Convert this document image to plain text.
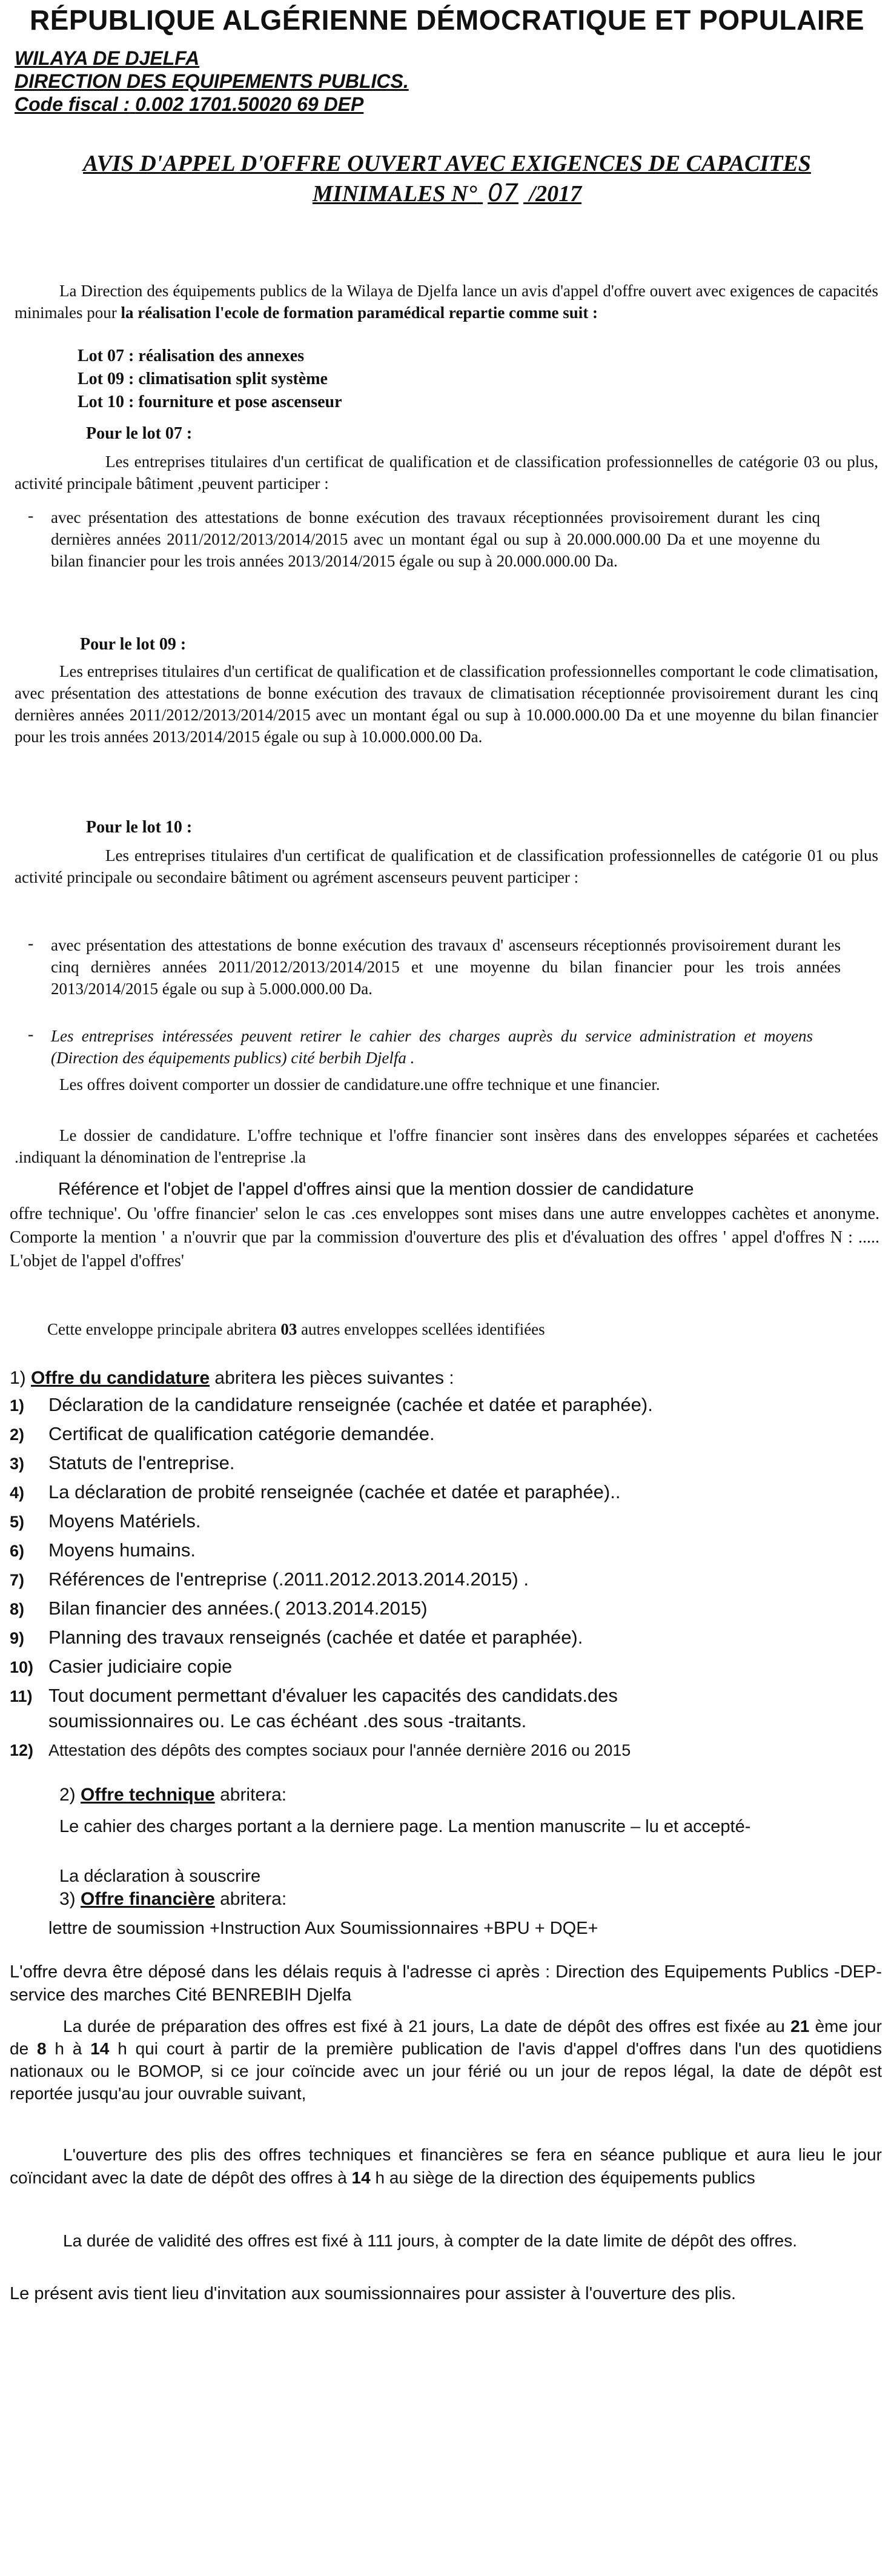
RÉPUBLIQUE ALGÉRIENNE DÉMOCRATIQUE ET POPULAIRE
WILAYA DE DJELFA
DIRECTION DES EQUIPEMENTS PUBLICS.
Code fiscal : 0.002 1701.50020 69 DEP
AVIS D'APPEL D'OFFRE OUVERT AVEC EXIGENCES DE CAPACITES
MINIMALES N° 07 /2017
La Direction des équipements publics de la Wilaya de Djelfa lance un avis d'appel d'offre ouvert avec exigences de capacités minimales pour la réalisation l'ecole de formation paramédical repartie comme suit :
Lot 07 : réalisation des annexes
Lot 09 : climatisation split système
Lot 10 : fourniture et pose ascenseur
Pour le lot 07 :
Les entreprises titulaires d'un certificat de qualification et de classification professionnelles de catégorie 03 ou plus, activité principale bâtiment ,peuvent participer :
- avec présentation des attestations de bonne exécution des travaux réceptionnées provisoirement durant les cinq dernières années 2011/2012/2013/2014/2015 avec un montant égal ou sup à 20.000.000.00 Da et une moyenne du bilan financier pour les trois années 2013/2014/2015 égale ou sup à 20.000.000.00 Da.
Pour le lot 09 :
Les entreprises titulaires d'un certificat de qualification et de classification professionnelles comportant le code climatisation, avec présentation des attestations de bonne exécution des travaux de climatisation réceptionnée provisoirement durant les cinq dernières années 2011/2012/2013/2014/2015 avec un montant égal ou sup à 10.000.000.00 Da et une moyenne du bilan financier pour les trois années 2013/2014/2015 égale ou sup à 10.000.000.00 Da.
Pour le lot 10 :
Les entreprises titulaires d'un certificat de qualification et de classification professionnelles de catégorie 01 ou plus activité principale ou secondaire bâtiment ou agrément ascenseurs peuvent participer :
- avec présentation des attestations de bonne exécution des travaux d' ascenseurs réceptionnés provisoirement durant les cinq dernières années 2011/2012/2013/2014/2015 et une moyenne du bilan financier pour les trois années 2013/2014/2015 égale ou sup à 5.000.000.00 Da.
- Les entreprises intéressées peuvent retirer le cahier des charges auprès du service administration et moyens (Direction des équipements publics) cité berbih Djelfa .
Les offres doivent comporter un dossier de candidature.une offre technique et une financier.
Le dossier de candidature. L'offre technique et l'offre financier sont insères dans des enveloppes séparées et cachetées .indiquant la dénomination de l'entreprise .la
Référence et l'objet de l'appel d'offres ainsi que la mention dossier de candidature
offre technique'. Ou 'offre financier' selon le cas .ces enveloppes sont mises dans une autre enveloppes cachètes et anonyme. Comporte la mention ' a n'ouvrir que par la commission d'ouverture des plis et d'évaluation des offres ' appel d'offres N : ..... L'objet de l'appel d'offres'
Cette enveloppe principale abritera 03 autres enveloppes scellées identifiées
1) Offre du candidature abritera les pièces suivantes :
1) Déclaration de la candidature renseignée (cachée et datée et paraphée).
2) Certificat de qualification catégorie demandée.
3) Statuts de l'entreprise.
4) La déclaration de probité renseignée (cachée et datée et paraphée)..
5) Moyens Matériels.
6) Moyens humains.
7) Références de l'entreprise (.2011.2012.2013.2014.2015) .
8) Bilan financier des années.( 2013.2014.2015)
9) Planning des travaux renseignés (cachée et datée et paraphée).
10) Casier judiciaire copie
11) Tout document permettant d'évaluer les capacités des candidats.des
soumissionnaires ou. Le cas échéant .des sous -traitants.
12) Attestation des dépôts des comptes sociaux pour l'année dernière 2016 ou 2015
2) Offre technique abritera:
Le cahier des charges portant a la derniere page. La mention manuscrite – lu et accepté-
La déclaration à souscrire
3) Offre financière abritera:
lettre de soumission +Instruction Aux Soumissionnaires +BPU + DQE+
L'offre devra être déposé dans les délais requis à l'adresse ci après : Direction des Equipements Publics -DEP- service des marches Cité BENREBIH Djelfa
La durée de préparation des offres est fixé à 21 jours, La date de dépôt des offres est fixée au 21 ème jour de 8 h à 14 h qui court à partir de la première publication de l'avis d'appel d'offres dans l'un des quotidiens nationaux ou le BOMOP, si ce jour coïncide avec un jour férié ou un jour de repos légal, la date de dépôt est reportée jusqu'au jour ouvrable suivant,
L'ouverture des plis des offres techniques et financières se fera en séance publique et aura lieu le jour coïncidant avec la date de dépôt des offres à 14 h au siège de la direction des équipements publics
La durée de validité des offres est fixé à 111 jours, à compter de la date limite de dépôt des offres.
Le présent avis tient lieu d'invitation aux soumissionnaires pour assister à l'ouverture des plis.
